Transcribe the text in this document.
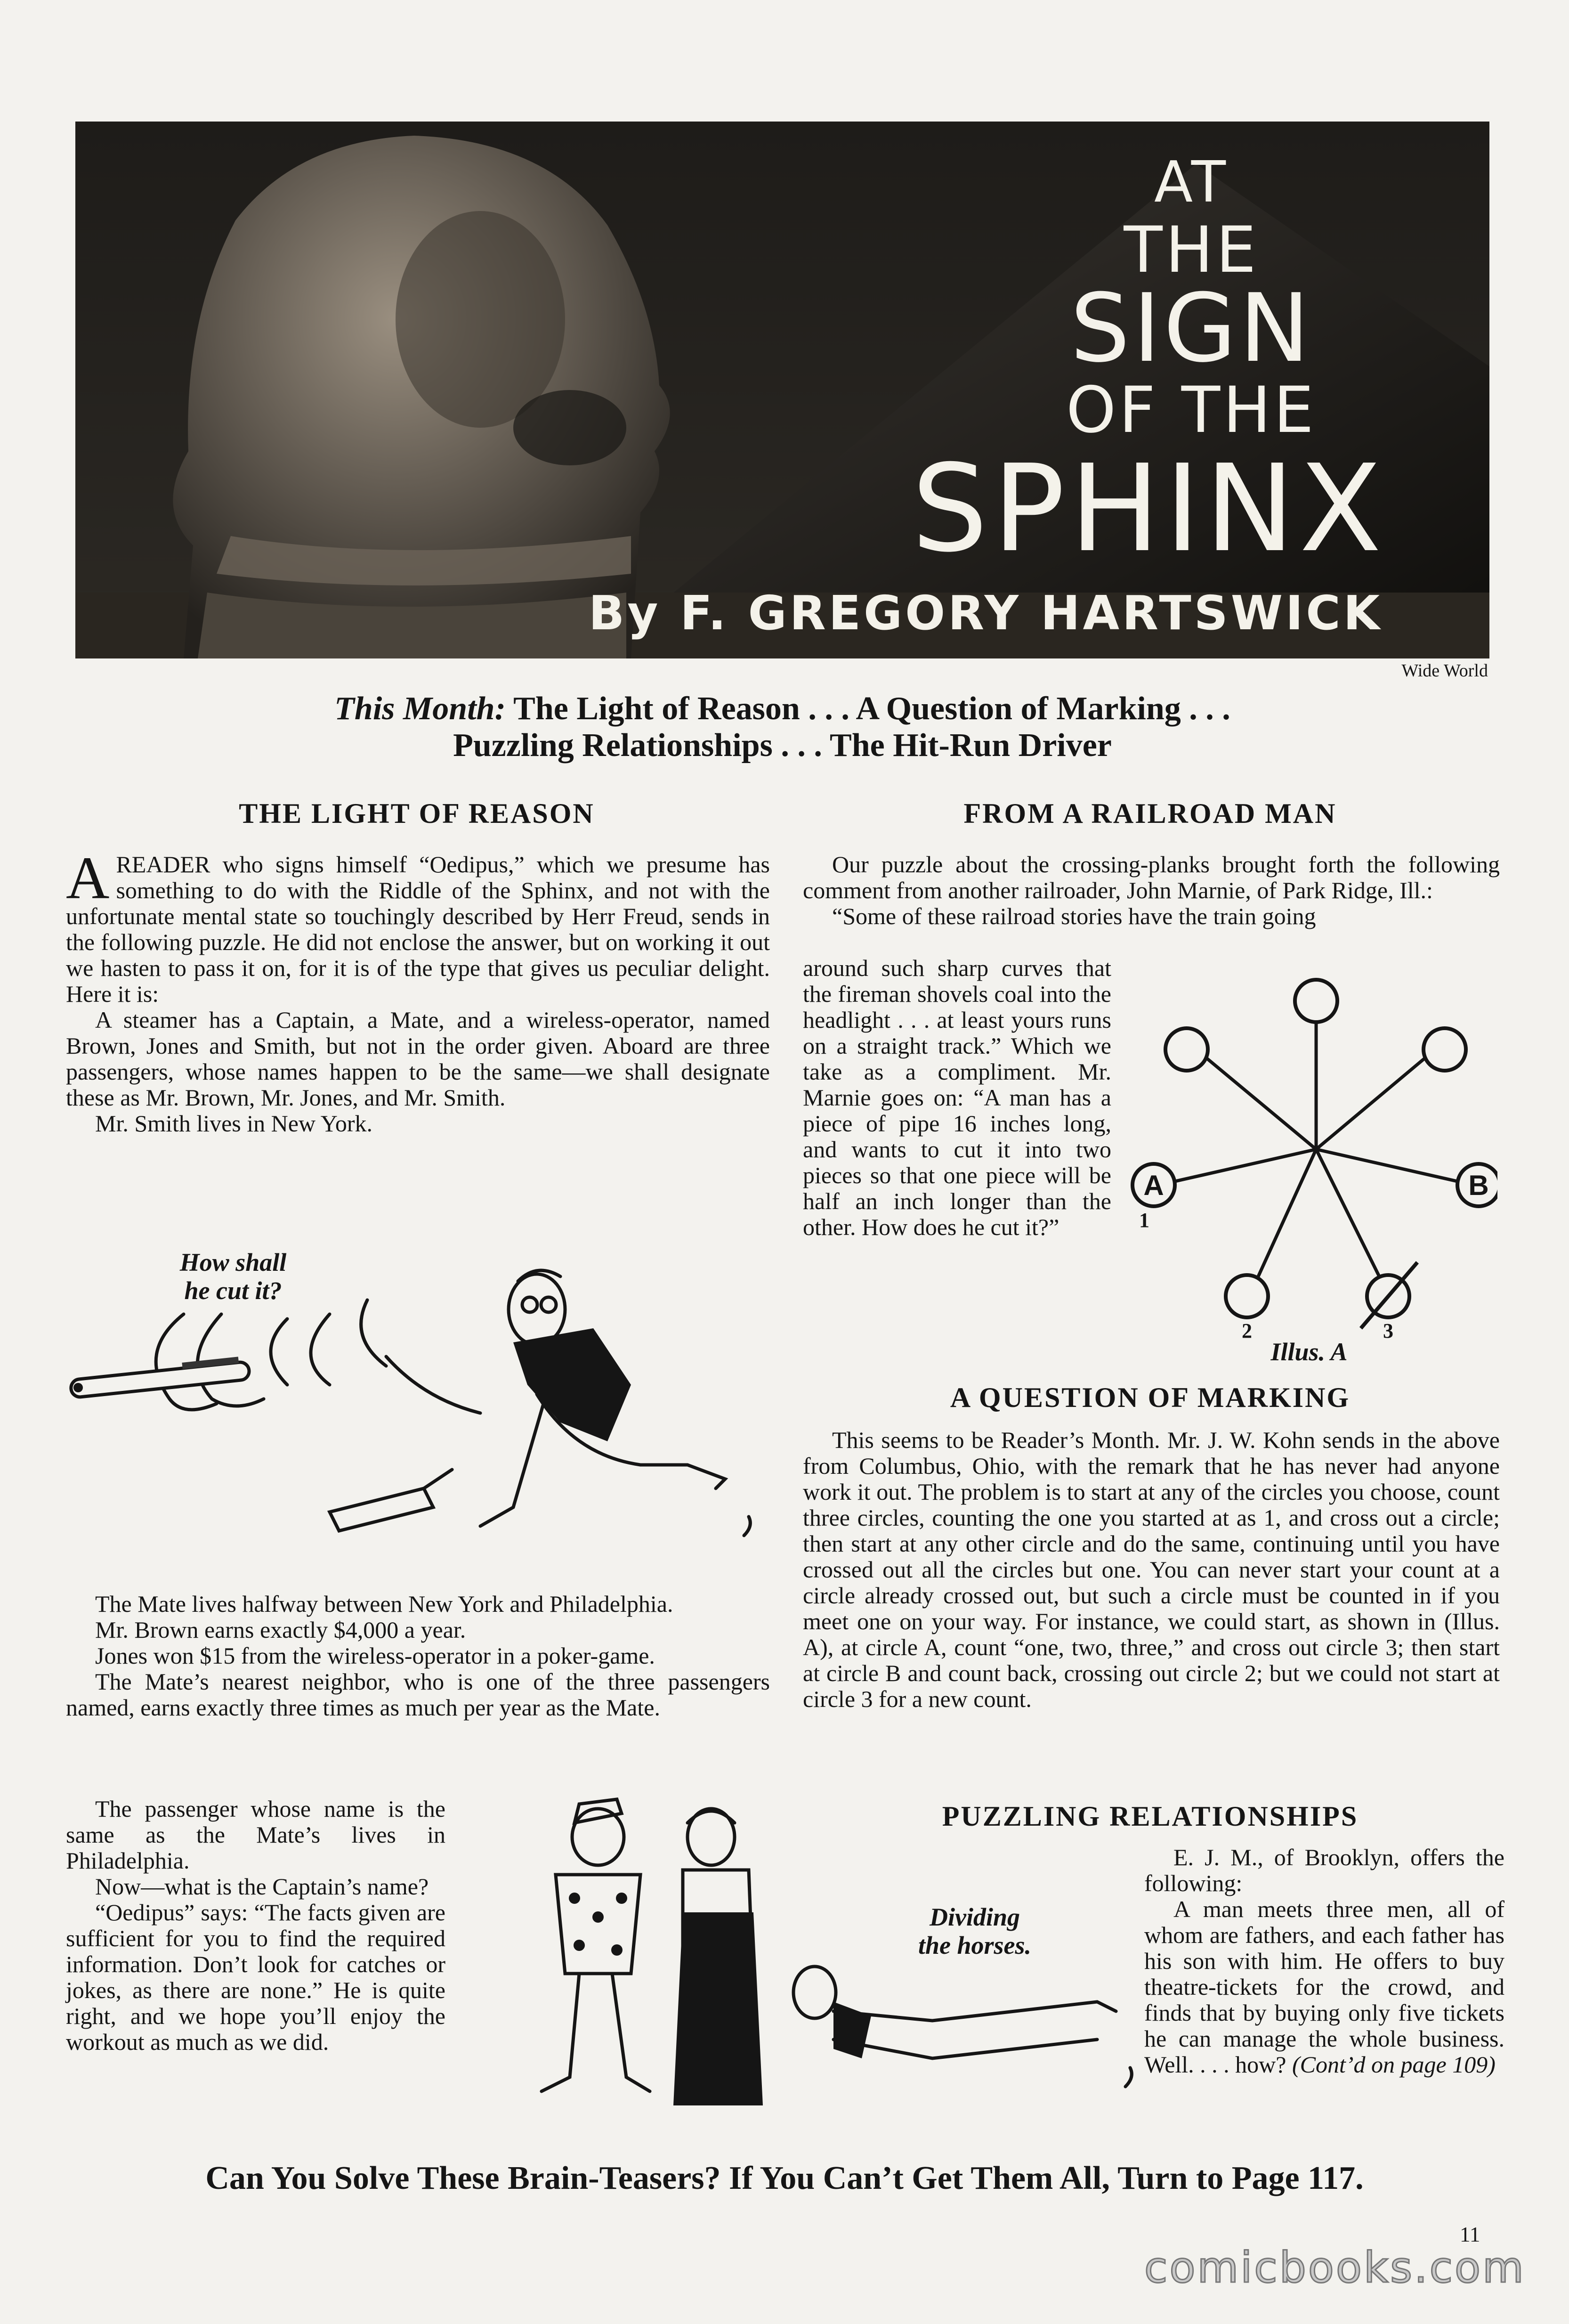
AT
THE
SIGN
OF THE
SPHINX
By F. GREGORY HARTSWICK
Wide World
This Month: The Light of Reason . . . A Question of Marking . . .
Puzzling Relationships . . . The Hit-Run Driver
THE LIGHT OF REASON

AREADER who signs himself “Oedipus,” which we presume has something to do with the Riddle of the Sphinx, and not with the unfortunate mental state so touchingly described by Herr Freud, sends in the following puzzle. He did not enclose the answer, but on working it out we hasten to pass it on, for it is of the type that gives us peculiar delight. Here it is:

A steamer has a Captain, a Mate, and a wireless-operator, named Brown, Jones and Smith, but not in the order given. Aboard are three passengers, whose names happen to be the same—we shall designate these as Mr. Brown, Mr. Jones, and Mr. Smith.

Mr. Smith lives in New York.

How shall
he cut it?

The Mate lives halfway between New York and Philadelphia.

Mr. Brown earns exactly $4,000 a year.

Jones won $15 from the wireless-operator in a poker-game.

The Mate’s nearest neighbor, who is one of the three passengers named, earns exactly three times as much per year as the Mate.

The passenger whose name is the same as the Mate’s lives in Philadelphia.

Now—what is the Captain’s name?

“Oedipus” says: “The facts given are sufficient for you to find the required information. Don’t look for catches or jokes, as there are none.” He is quite right, and we hope you’ll enjoy the workout as much as we did.

Dividing
the horses.
FROM A RAILROAD MAN

Our puzzle about the crossing-planks brought forth the following comment from another railroader, John Marnie, of Park Ridge, Ill.:

“Some of these railroad stories have the train going

around such sharp curves that the fireman shovels coal into the headlight . . . at least yours runs on a straight track.” Which we take as a compliment. Mr. Marnie goes on: “A man has a piece of pipe 16 inches long, and wants to cut it into two pieces so that one piece will be half an inch longer than the other. How does he cut it?”

A	B
1
2	3
Illus. A
A QUESTION OF MARKING

This seems to be Reader’s Month. Mr. J. W. Kohn sends in the above from Columbus, Ohio, with the remark that he has never had anyone work it out. The problem is to start at any of the circles you choose, count three circles, counting the one you started at as 1, and cross out a circle; then start at any other circle and do the same, continuing until you have crossed out all the circles but one. You can never start your count at a circle already crossed out, but such a circle must be counted in if you meet one on your way. For instance, we could start, as shown in (Illus. A), at circle A, count “one, two, three,” and cross out circle 3; then start at circle B and count back, crossing out circle 2; but we could not start at circle 3 for a new count.

PUZZLING RELATIONSHIPS

E. J. M., of Brooklyn, offers the following:

A man meets three men, all of whom are fathers, and each father has his son with him. He offers to buy theatre-tickets for the crowd, and finds that by buying only five tickets he can manage the whole business. Well. . . . how? (Cont’d on page 109)

Can You Solve These Brain-Teasers? If You Can’t Get Them All, Turn to Page 117.
11
comicbooks.com
